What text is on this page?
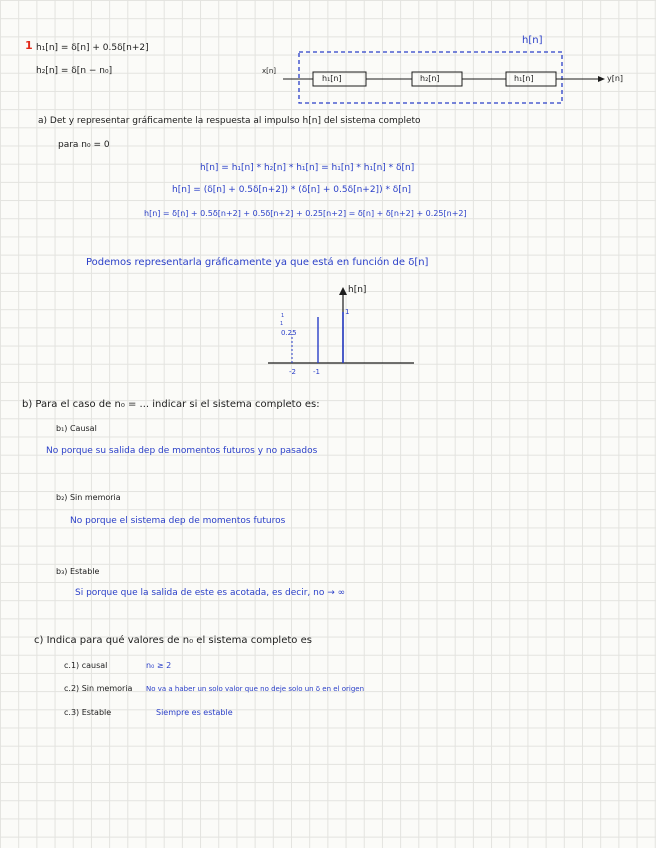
1 h₁[n] = δ[n] + 0.5δ[n+2]
h₂[n] = δ[n − n₀]
h[n]
x[n]
h₁[n]	h₂[n]	h₁[n]	y[n]
a) Det y representar gráficamente la respuesta al impulso h[n] del sistema completo
para n₀ = 0
h[n] = h₁[n] * h₂[n] * h₁[n] = h₁[n] * h₁[n] * δ[n]
h[n] = (δ[n] + 0.5δ[n+2]) * (δ[n] + 0.5δ[n+2]) * δ[n]
h[n] = δ[n] + 0.5δ[n+2] + 0.5δ[n+2] + 0.25[n+2] = δ[n] + δ[n+2] + 0.25[n+2]
Podemos representarla gráficamente ya que está en función de δ[n]
h[n]
1
1
0.25
1
-2 -1
b) Para el caso de n₀ = ... indicar si el sistema completo es:
b₁) Causal
No porque su salida dep de momentos futuros y no pasados
b₂) Sin memoria
No porque el sistema dep de momentos futuros
b₃) Estable
Si porque que la salida de este es acotada, es decir, no → ∞
c) Indica para qué valores de n₀ el sistema completo es
c.1) causal	n₀ ≥ 2
c.2) Sin memoria No va a haber un solo valor que no deje solo un δ en el origen
c.3) Estable	Siempre es estable
